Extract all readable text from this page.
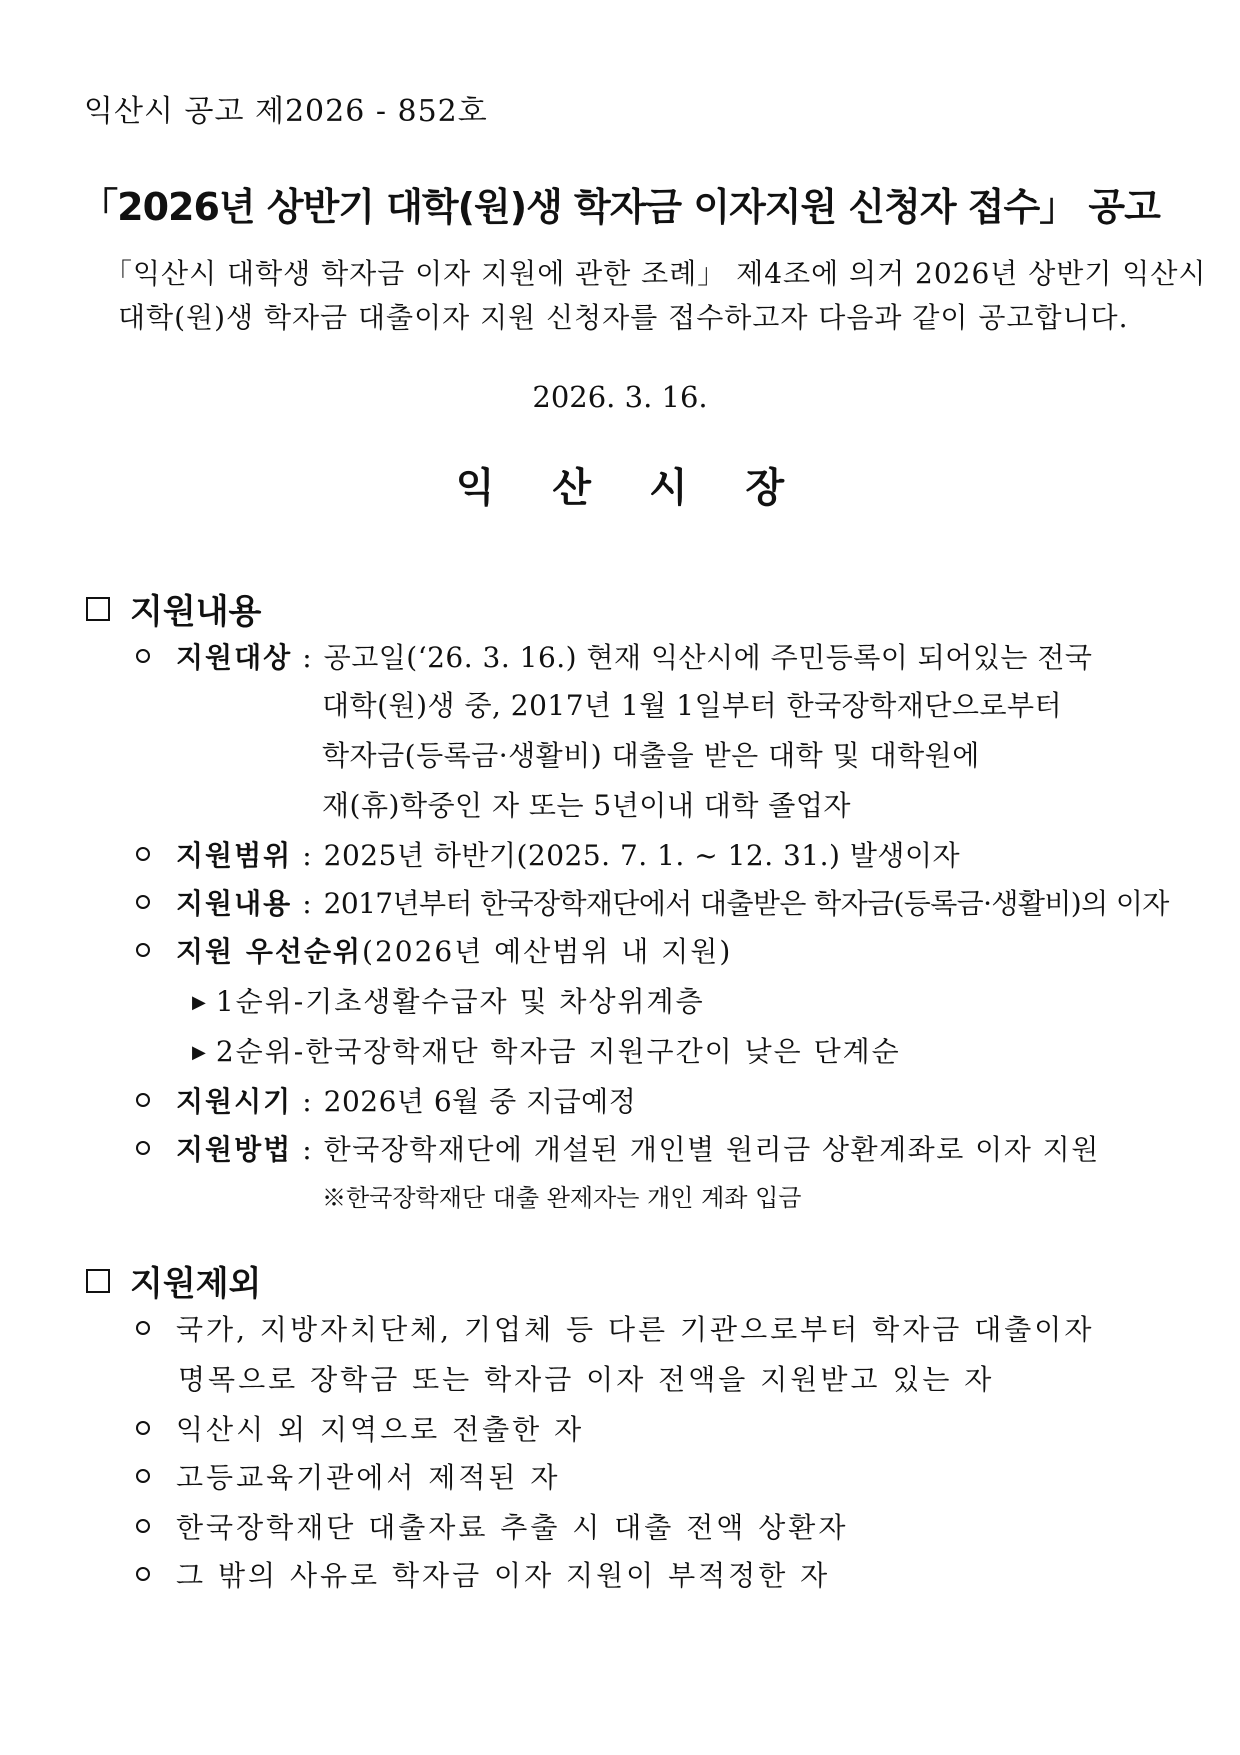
익산시 공고 제2026 - 852호
「2026년 상반기 대학(원)생 학자금 이자지원 신청자 접수」 공고
「익산시 대학생 학자금 이자 지원에 관한 조례」 제4조에 의거 2026년 상반기 익산시
대학(원)생 학자금 대출이자 지원 신청자를 접수하고자 다음과 같이 공고합니다.
2026. 3. 16.
익 산 시 장
지원내용
지원대상 : 공고일(‘26. 3. 16.) 현재 익산시에 주민등록이 되어있는 전국
대학(원)생 중, 2017년 1월 1일부터 한국장학재단으로부터
학자금(등록금·생활비) 대출을 받은 대학 및 대학원에
재(휴)학중인 자 또는 5년이내 대학 졸업자
지원범위 : 2025년 하반기(2025. 7. 1. ~ 12. 31.) 발생이자
지원내용 : 2017년부터 한국장학재단에서 대출받은 학자금(등록금·생활비)의 이자
지원 우선순위 (2026년 예산범위 내 지원)
▶ 1순위-기초생활수급자 및 차상위계층
▶ 2순위-한국장학재단 학자금 지원구간이 낮은 단계순
지원시기 : 2026년 6월 중 지급예정
지원방법 : 한국장학재단에 개설된 개인별 원리금 상환계좌로 이자 지원
※한국장학재단 대출 완제자는 개인 계좌 입금
지원제외
국가, 지방자치단체, 기업체 등 다른 기관으로부터 학자금 대출이자
명목으로 장학금 또는 학자금 이자 전액을 지원받고 있는 자
익산시 외 지역으로 전출한 자
고등교육기관에서 제적된 자
한국장학재단 대출자료 추출 시 대출 전액 상환자
그 밖의 사유로 학자금 이자 지원이 부적정한 자
